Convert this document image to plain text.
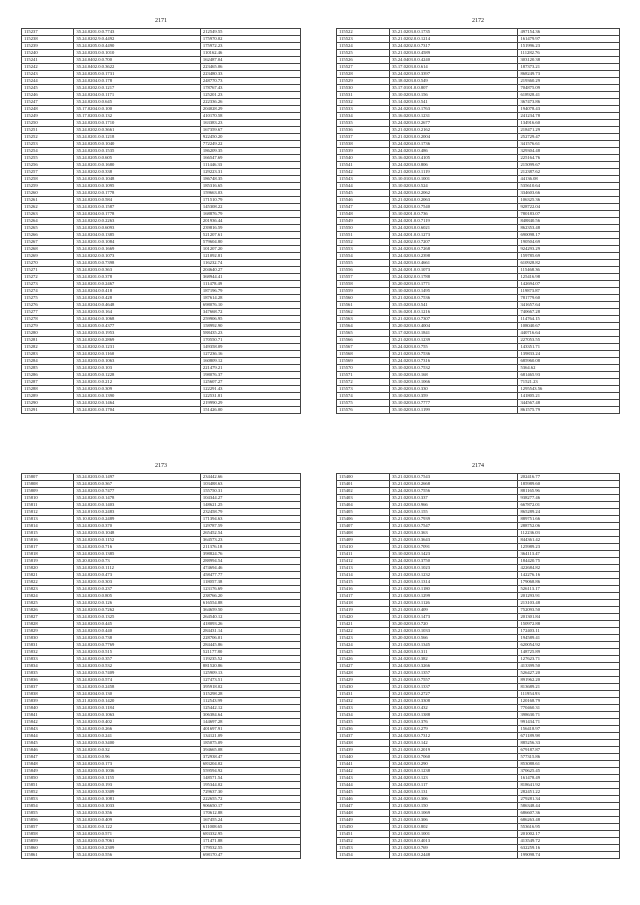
2171
115237	35.24.0201.0.0.7743	212549.55
115238	35.24.0202.9.0.4492	175970.02
115239	35.24.0205.0.0.4490	175972.23
115240	35.24.0203.0.0.1010	110162.46
115241	35.24.0402.0.0.700	162487.04
115242	35.24.0402.0.0.3622	223465.06
115243	35.24.0205.0.0.1731	223480.33
115244	35.24.0204.0.0.178	248770.73
115245	35.24.0202.0.0.1217	178767.43
115246	35.24.0204.0.0.1171	125201.23
115247	35.24.0203.0.0.645	222336.26
115248	35.17.0204.0.0.100	204028.29
115249	35.17.0203.0.0.132	410170.58
115250	35.24.0203.0.0.1710	163383.23
115251	35.24.0202.0.0.3661	167359.67
115252	35.24.0201.0.0.1218	922450.20
115253	35.24.0205.0.0.1040	772249.22
115254	35.24.0203.0.0.1535	186209.35
115255	35.24.0205.0.0.605	166547.69
115256	35.24.0201.0.0.1680	111446.33
115257	35.24.0202.0.0.338	129223.31
115258	35.24.0203.0.0.1048	186748.35
115259	35.24.0203.0.0.1095	185316.65
115260	35.24.0202.0.0.1778	159663.03
115261	35.24.0203.0.0.584	171510.79
115262	35.24.0203.0.0.1587	145308.22
115263	35.24.0204.0.0.1778	168876.79
115264	35.24.0202.0.0.2263	201936.44
115265	35.24.0203.0.0.6093	239816.59
115266	35.24.0204.0.0.1385	521207.61
115267	35.24.0201.0.0.1084	579604.80
115268	35.24.0203.0.0.1669	101207.20
115269	35.24.0202.0.0.1073	121092.81
115270	35.24.0205.0.0.7398	116232.74
115271	35.24.0203.0.0.363	204640.27
115272	35.24.0201.0.0.378	368944.41
115273	35.24.0201.0.0.2467	111478.49
115274	35.24.0204.0.0.418	187196.79
115275	35.24.0204.0.0.428	187614.28
115276	35.24.0204.0.0.4648	698076.10
115277	35.24.0203.0.0.164	347668.72
115278	35.24.0204.0.0.1068	259906.95
115279	35.24.0205.0.0.4377	158992.90
115280	35.24.0203.0.0.1953	588435.23
115281	35.24.0202.0.0.2869	170550.71
115282	35.24.0202.0.0.1231	149358.09
115283	35.24.0202.0.0.1160	127236.16
115284	35.24.0203.0.0.1063	160809.12
115285	35.24.0202.0.0.103	221479.21
115286	35.24.0205.0.0.1228	198076.37
115287	35.24.0201.0.0.212	125607.27
115288	35.24.0203.0.0.309	122291.43
115289	35.24.0201.0.0.1390	122531.81
115290	35.24.0202.0.0.1464	219990.29
115291	35.24.0201.0.0.1704	151426.00
2172
115522	35.21.0203.0.0.1735	497154.36
115523	35.21.0202.0.0.1214	161479.97
115524	35.24.0202.0.0.7317	151996.23
115525	35.21.0203.0.0.4589	111282.76
115526	35.24.0403.0.0.4240	303120.38
115527	35.17.0203.0.0.614	187373.21
115528	35.24.0203.0.0.3397	868249.73
115529	35.18.0203.0.0.549	219360.29
115530	35.17.0101.0.0.807	704875.09
115531	35.10.0203.0.0.156	618928.41
115532	35.14.0203.0.0.541	367473.86
115533	35.24.0203.0.0.1763	194078.43
115534	35.16.0203.0.0.1231	241234.78
115535	35.24.0203.0.0.2677	134916.60
115536	35.21.0203.0.0.2162	218471.29
115537	35.21.0203.0.0.2004	252729.47
115538	35.24.0204.0.0.1736	341576.61
115539	35.24.0203.0.0.486	329304.48
115540	35.16.0203.0.0.4105	225164.76
115541	35.24.0203.0.0.806	215099.67
115542	35.21.0203.0.0.1119	212387.62
115543	35.10.0103.0.0.1001	44136.08
115544	35.10.0203.0.0.524	535610.64
115545	35.24.0203.0.0.2062	334603.66
115546	35.21.0204.0.0.2063	106325.36
115547	35.24.0203.0.0.7540	928722.04
115548	35.10.0201.0.0.736	780183.07
115549	35.24.0201.0.0.7119	848840.56
115550	35.24.0203.0.0.6021	862353.48
115551	35.24.0201.0.0.1273	690098.17
115552	35.24.0202.0.0.7207	190504.69
115553	35.24.0203.0.0.7268	924293.29
115554	35.24.0203.0.0.2398	159785.69
115555	35.24.0203.0.0.4661	610928.82
115556	35.24.0201.0.0.1073	115468.36
115557	35.24.0202.0.0.1788	125416.98
115558	35.20.0203.0.0.1771	142694.07
115559	35.10.0203.0.0.1495	119873.87
115560	35.21.0204.0.0.7536	781779.60
115561	35.15.0203.0.0.541	341657.64
115562	35.16.0201.0.0.1216	740667.28
115563	35.21.0203.0.0.7307	114764.15
115564	35.20.0203.0.0.4004	108040.67
115565	35.17.0203.0.0.1841	440716.64
115566	35.21.0203.0.0.1239	227053.55
115567	35.24.0203.0.0.755	143351.71
115568	35.21.0203.0.0.7536	139833.24
115569	35.24.0203.0.0.7316	685960.08
115570	35.10.0203.0.0.7532	5364.62
115571	35.10.0203.0.0.168	681465.93
115572	35.10.0203.0.0.1066	71521.23
115573	35.20.0203.0.0.330	1295543.56
115574	35.10.0203.0.0.359	141805.21
115575	35.10.0203.0.0.7777	344567.48
115576	35.10.0203.0.0.1199	861575.79
2173
115807	35.24.0203.0.0.1497	234442.66
115808	35.24.0205.0.0.367	103488.63
115809	35.24.0203.0.0.7477	155750.31
115810	35.24.0201.0.0.1478	104344.27
115811	35.24.0201.0.0.1403	148621.25
115812	35.24.0103.0.0.2483	232458.79
115813	35.10.0203.0.0.2489	171394.63
115814	35.24.0203.0.0.370	129787.59
115815	35.24.0203.0.0.1048	265452.54
115816	35.24.0203.0.0.1152	364573.23
115817	35.24.0203.0.0.716	211376.18
115818	35.24.0203.0.0.1385	398824.76
115819	35.20.0203.0.0.73	288994.54
115820	35.24.0203.0.0.1112	474694.46
115821	35.24.0203.0.0.473	458477.77
115822	35.24.0201.0.0.303	118057.38
115823	35.24.0203.0.0.237	123176.69
115824	35.24.0203.0.0.805	238766.20
115825	35.24.0202.0.0.126	616554.88
115826	35.24.0203.0.0.7262	364659.50
115827	35.24.0203.0.0.1325	264540.12
115828	35.24.0203.0.0.445	418093.26
115829	35.24.0203.0.0.440	284431.14
115830	35.24.0203.0.0.738	228706.01
115831	35.24.0203.0.0.7769	284445.86
115832	35.24.0203.0.0.515	521177.80
115833	35.24.0203.0.0.357	119235.52
115834	35.24.0203.0.0.532	881520.86
115835	35.24.0203.0.0.7409	125909.13
115836	35.24.0203.0.0.574	127473.51
115837	35.24.0203.0.0.2458	395918.02
115838	35.24.0204.0.0.130	315298.28
115839	35.21.0203.0.0.1420	112543.99
115840	35.24.0203.0.0.1184	125442.12
115841	35.24.0203.0.0.1063	306384.64
115842	35.24.0203.0.0.402	144697.28
115843	35.24.0203.0.0.266	401697.91
115844	35.24.0203.0.0.241	134121.09
115845	35.24.0203.0.0.3400	185075.09
115846	35.24.0201.0.0.32	394665.08
115847	35.24.0203.0.0.96	372938.47
115848	35.24.0203.0.0.173	683204.02
115849	35.24.0203.0.0.1036	559594.92
115850	35.24.0203.0.0.1155	148571.54
115851	35.24.0203.0.0.193	195344.02
115852	35.24.0203.0.0.3309	729637.30
115853	35.24.0203.0.0.1081	222655.72
115854	35.24.0203.0.0.1033	906650.17
115855	35.24.0203.0.0.356	170612.88
115856	35.24.0203.0.0.409	167455.24
115857	35.24.0201.0.0.122	611008.65
115858	35.24.0203.0.0.571	683332.95
115859	35.24.0203.0.0.7061	171471.88
115860	35.24.0203.0.0.2309	179532.55
115861	35.24.0203.0.0.556	698170.47
2174
115400	35.21.0203.0.0.7543	202416.77
115401	35.21.0203.0.0.2668	185989.60
115402	35.24.0203.0.0.7556	881165.96
115403	35.21.0203.0.0.337	938277.46
115404	35.21.0203.0.0.966	667872.01
115405	35.24.0203.0.0.155	865289.24
115406	35.21.0203.0.0.7939	889751.66
115407	35.21.0203.0.0.7547	288752.06
115408	35.21.0203.0.0.363	112236.03
115409	35.21.0203.0.0.3643	844361.42
115410	35.21.0203.0.0.7091	125989.23
115411	35.10.0203.0.0.1423	364113.47
115412	35.24.0203.0.0.3750	184420.75
115413	35.24.0203.0.0.1023	422684.82
115414	35.21.0203.0.0.1232	142276.16
115415	35.21.0203.0.0.1314	179068.86
115416	35.21.0203.0.0.1180	526113.17
115417	35.21.0203.0.0.1299	201293.91
115418	35.21.0203.0.0.1126	213103.48
115419	35.21.0203.0.0.409	752093.50
115420	35.21.0203.0.0.1473	201301.84
115421	35.20.0203.0.0.720	150972.88
115422	35.21.0203.0.0.1033	172403.11
115423	35.20.0203.0.0.566	194589.41
115424	35.21.0203.0.0.1345	620054.92
115425	35.24.0203.0.0.311	148725.89
115426	35.24.0203.0.0.382	127623.71
115427	35.24.0203.0.0.3266	413399.50
115428	35.21.0203.0.0.1357	526427.20
115429	35.21.0203.0.0.7557	891962.20
115430	35.21.0203.0.0.1337	813689.21
115431	35.21.0203.0.0.2727	111954.93
115432	35.21.0203.0.0.3308	120168.79
115433	35.24.0203.0.0.432	770460.31
115434	35.21.0203.0.0.1388	398630.71
115435	35.21.0203.0.0.376	991434.71
115436	35.21.0203.0.0.279	156418.97
115437	35.24.0203.0.0.7312	671189.98
115438	35.21.0203.0.0.142	885256.33
115439	35.21.0203.0.0.2019	679187.87
115440	35.21.0203.0.0.7060	577315.86
115441	35.24.0203.0.0.290	853088.61
115442	35.21.0203.0.0.1238	370625.45
115443	35.24.0203.0.0.123	161478.49
115444	35.24.0203.0.0.117	818641.92
115445	35.24.0203.0.0.131	282451.22
115446	35.24.0203.0.0.306	279281.34
115447	35.21.0203.0.0.150	586348.44
115448	35.21.0203.0.0.1069	686607.36
115449	35.21.0203.0.0.306	686263.48
115450	35.21.0203.0.0.802	553616.95
115451	35.21.0203.0.0.1001	201002.17
115452	35.21.0203.0.0.4013	413549.72
115453	35.21.0203.0.0.769	632259.16
115454	35.21.0203.0.0.2448	199098.74
